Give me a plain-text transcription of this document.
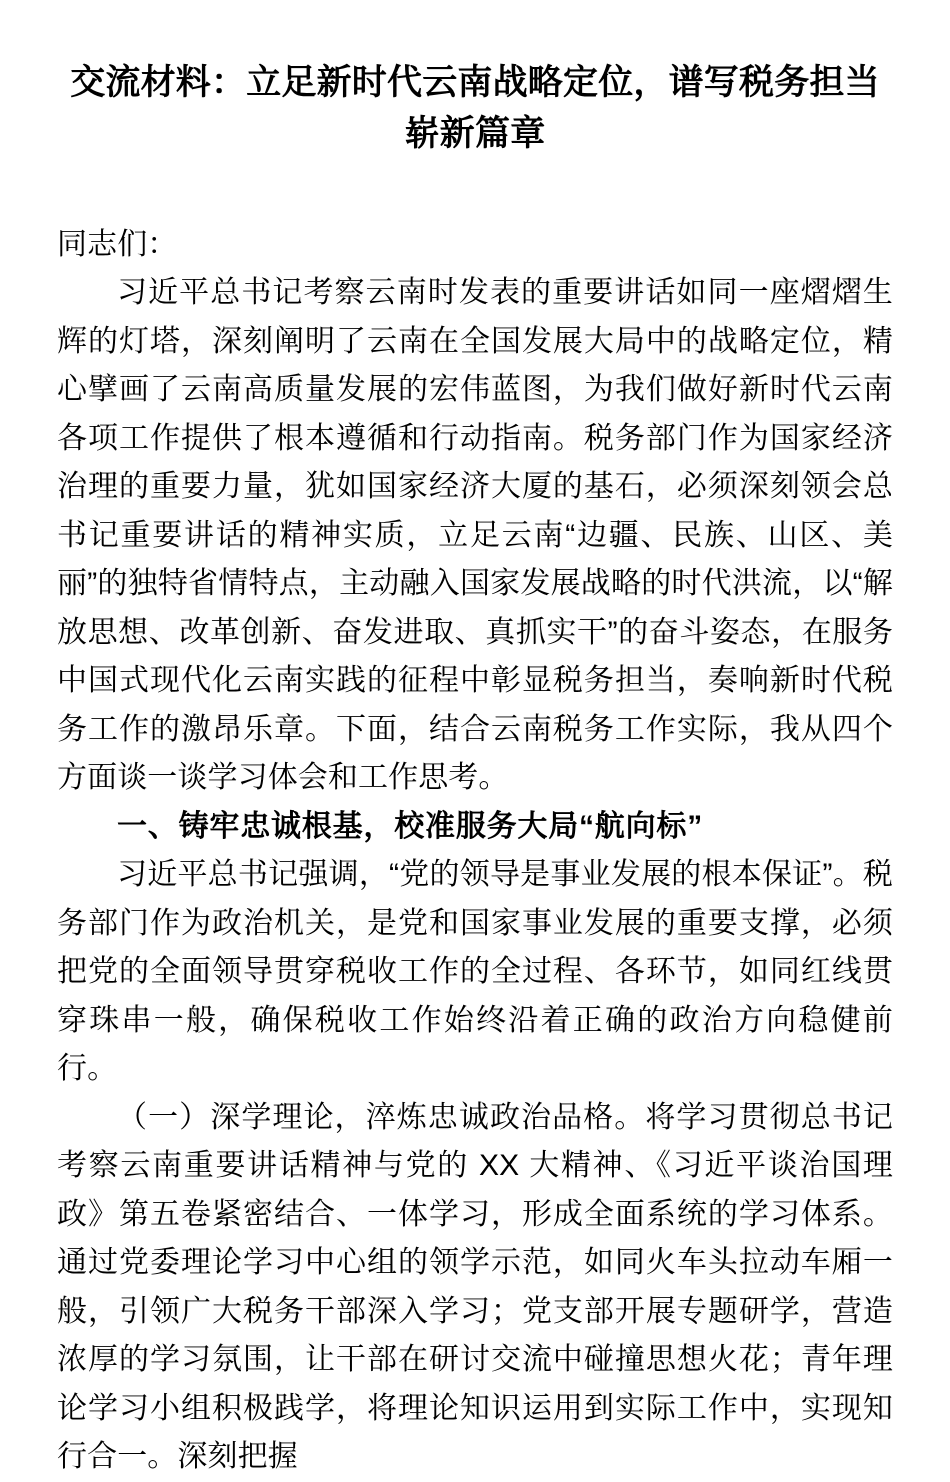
交流材料：立足新时代云南战略定位，谱写税务担当崭新篇章

同志们：

习近平总书记考察云南时发表的重要讲话如同一座熠熠生辉的灯塔，深刻阐明了云南在全国发展大局中的战略定位，精心擘画了云南高质量发展的宏伟蓝图，为我们做好新时代云南各项工作提供了根本遵循和行动指南。税务部门作为国家经济治理的重要力量，犹如国家经济大厦的基石，必须深刻领会总书记重要讲话的精神实质，立足云南“边疆、民族、山区、美丽”的独特省情特点，主动融入国家发展战略的时代洪流，以“解放思想、改革创新、奋发进取、真抓实干”的奋斗姿态，在服务中国式现代化云南实践的征程中彰显税务担当，奏响新时代税务工作的激昂乐章。下面，结合云南税务工作实际，我从四个方面谈一谈学习体会和工作思考。

一、铸牢忠诚根基，校准服务大局“航向标”

习近平总书记强调，“党的领导是事业发展的根本保证”。税务部门作为政治机关，是党和国家事业发展的重要支撑，必须把党的全面领导贯穿税收工作的全过程、各环节，如同红线贯穿珠串一般，确保税收工作始终沿着正确的政治方向稳健前行。

（一）深学理论，淬炼忠诚政治品格。将学习贯彻总书记考察云南重要讲话精神与党的 XX 大精神、《习近平谈治国理政》第五卷紧密结合、一体学习，形成全面系统的学习体系。通过党委理论学习中心组的领学示范，如同火车头拉动车厢一般，引领广大税务干部深入学习；党支部开展专题研学，营造浓厚的学习氛围，让干部在研讨交流中碰撞思想火花；青年理论学习小组积极践学，将理论知识运用到实际工作中，实现知行合一。深刻把握
